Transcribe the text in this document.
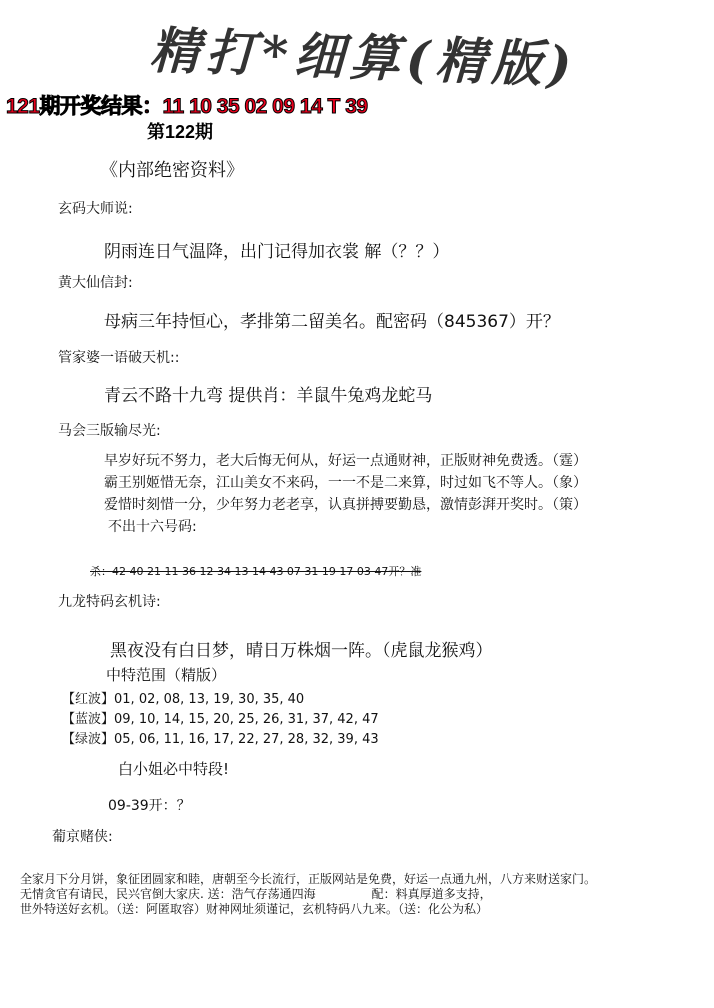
精打*细算(精版)
121期开奖结果：11 10 35 02 09 14 T 39
第122期
《内部绝密资料》
玄码大师说:
阴雨连日气温降，出门记得加衣裳 解（？？）
黄大仙信封:
母病三年持恒心，孝排第二留美名。配密码（845367）开？
管家婆一语破天机::
青云不路十九弯 提供肖：羊鼠牛兔鸡龙蛇马
马会三版输尽光:
早岁好玩不努力，老大后悔无何从，好运一点通财神，正版财神免费透。（霆）
霸王别姬惜无奈，江山美女不来码，一一不是二来算，时过如飞不等人。（象）
爱惜时刻惜一分，少年努力老老享，认真拼搏要勤恳，激情彭湃开奖时。（策）
不出十六号码:
杀：42 40 21 11 36 12 34 13 14 43 07 31 19 17 03 47开？准
九龙特码玄机诗:
黑夜没有白日梦，晴日万株烟一阵。（虎鼠龙猴鸡）
中特范围（精版）
【红波】01, 02, 08, 13, 19, 30, 35, 40
【蓝波】09, 10, 14, 15, 20, 25, 26, 31, 37, 42, 47
【绿波】05, 06, 11, 16, 17, 22, 27, 28, 32, 39, 43
白小姐必中特段!
09-39开：？
葡京赌侠:
全家月下分月饼，象征团圆家和睦，唐朝至今长流行，正版网站是免费，好运一点通九州，八方来财送家门。
无情贪官有请民，民兴官倒大家庆. 送：浩气存荡通四海	配：料真厚道多支持，
世外特送好玄机。（送：阿匿取容）财神网址须谨记，玄机特码八九来。（送：化公为私）
